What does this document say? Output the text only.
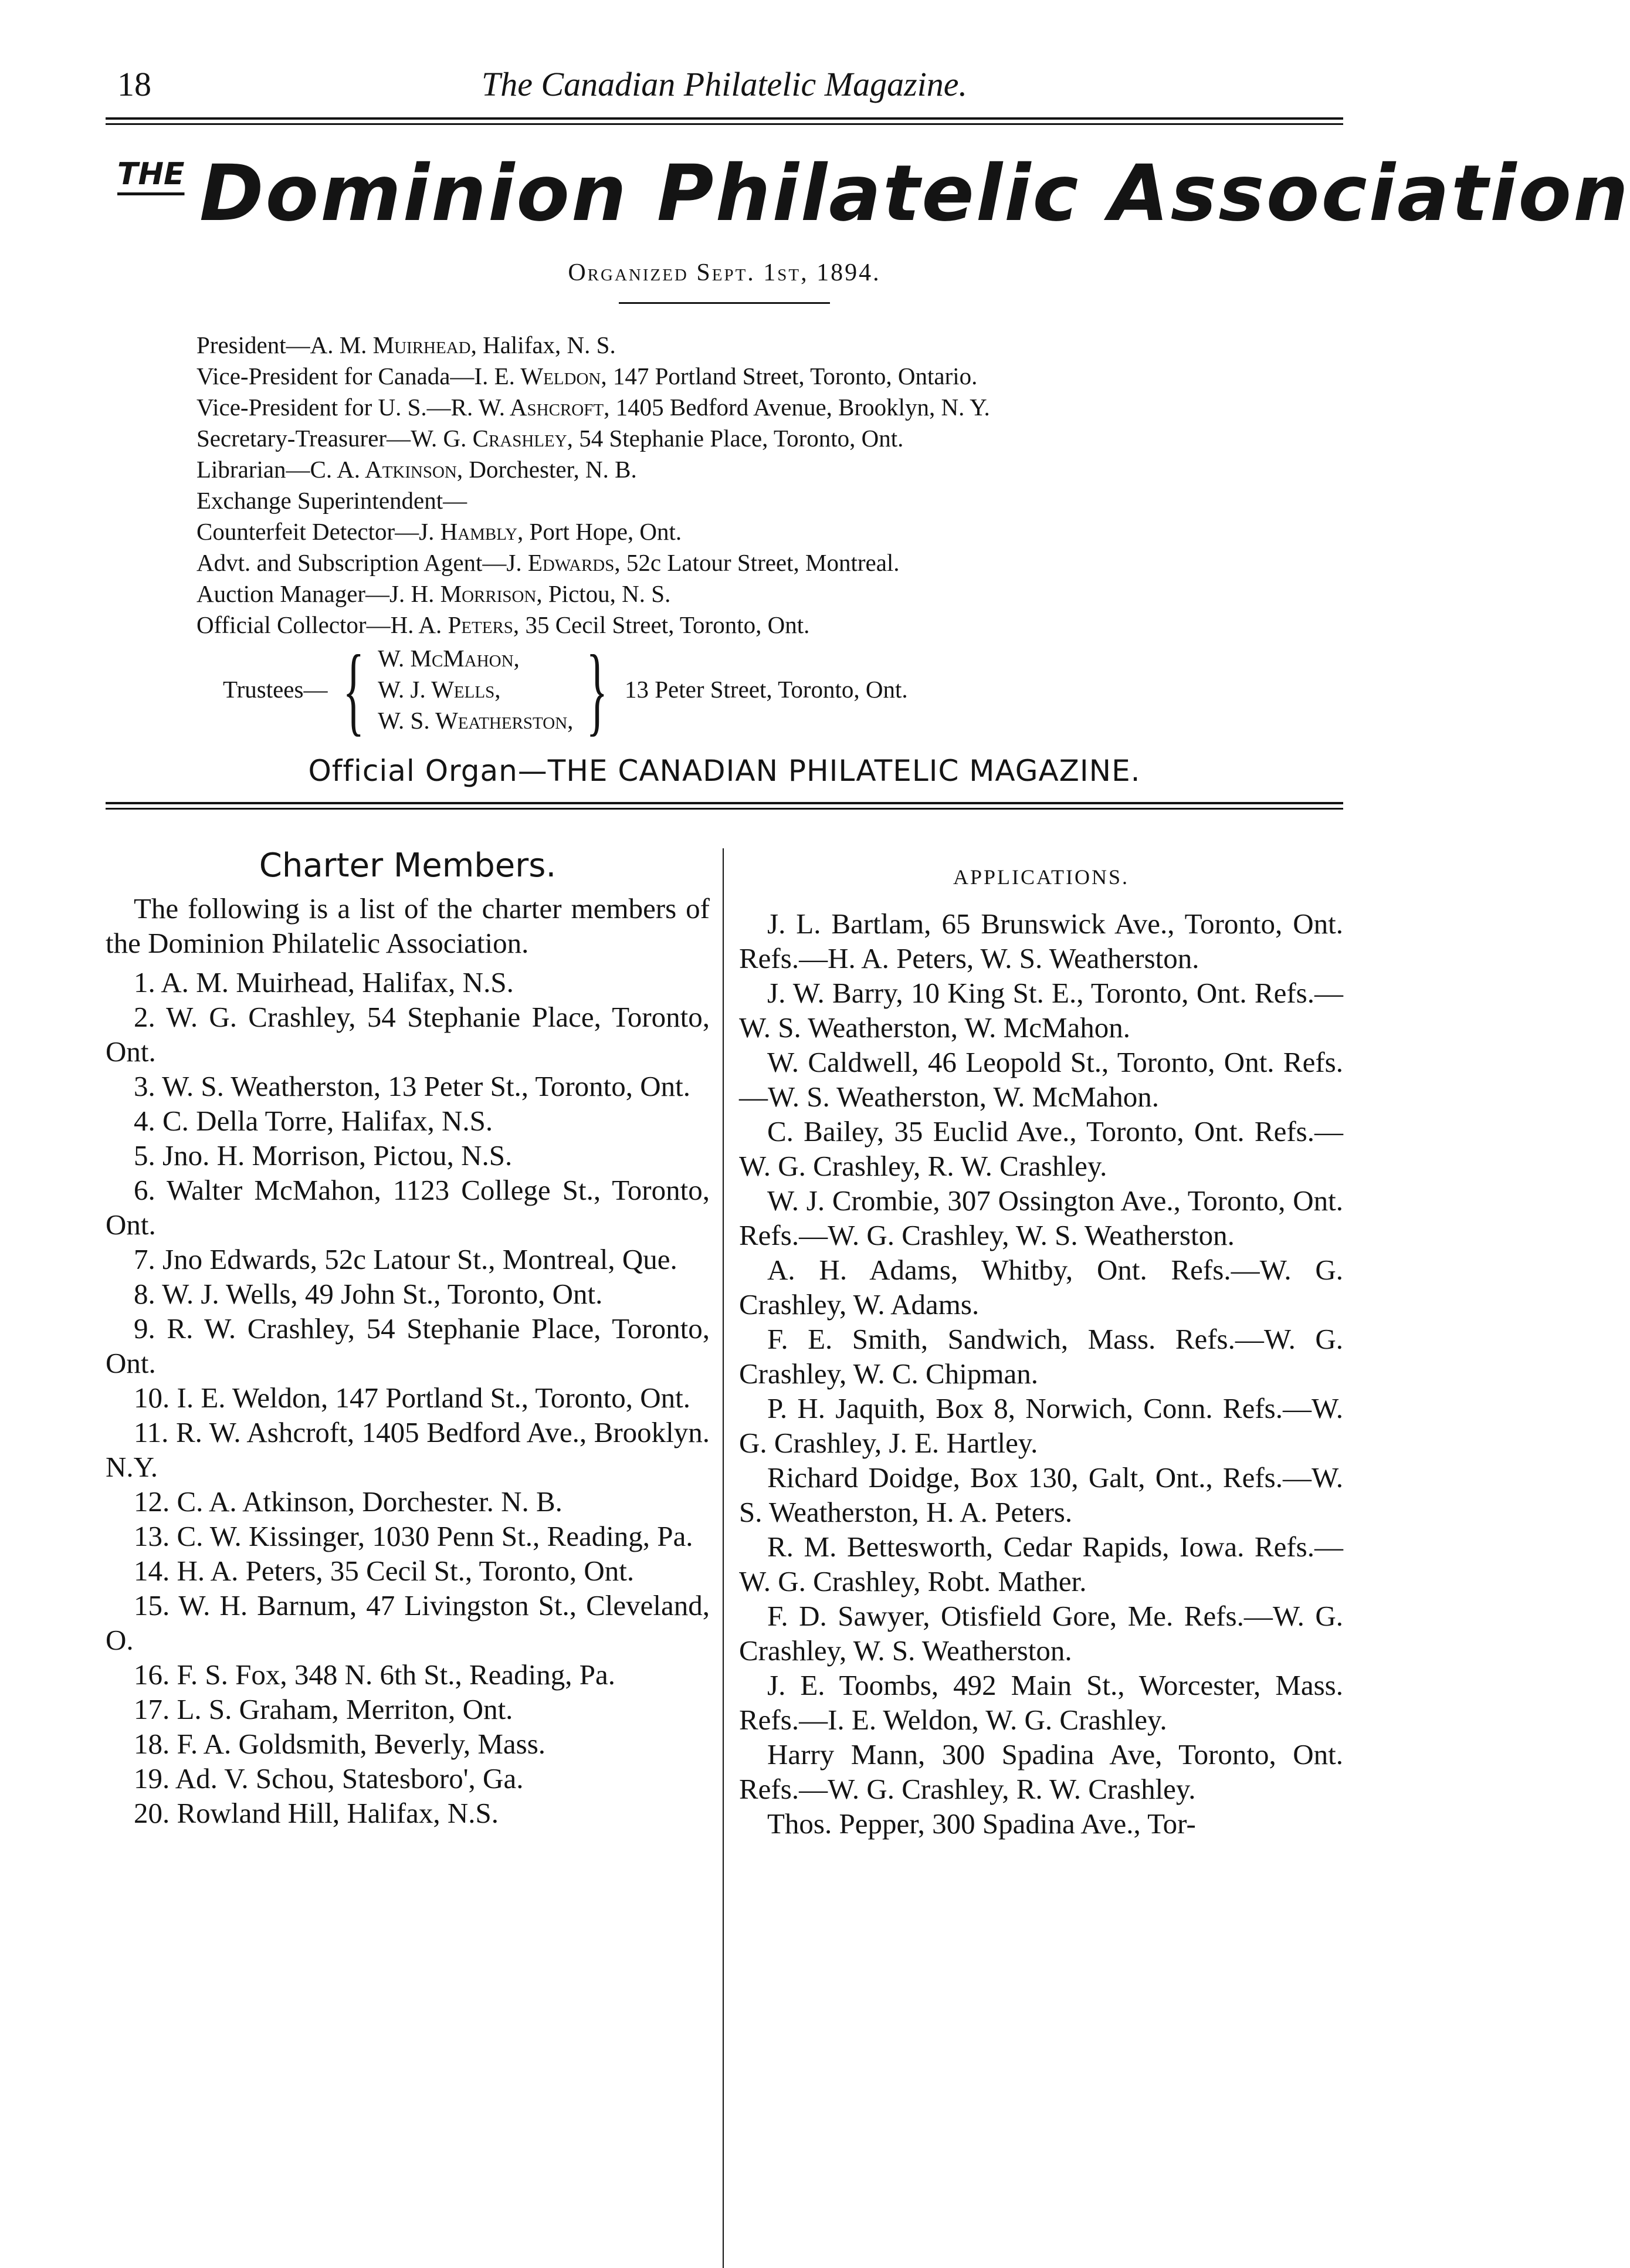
18	The Canadian Philatelic Magazine.
THE Dominion Philatelic Association
Organized Sept. 1st, 1894.
President—A. M. Muirhead, Halifax, N. S.
Vice-President for Canada—I. E. Weldon, 147 Portland Street, Toronto, Ontario.
Vice-President for U. S.—R. W. Ashcroft, 1405 Bedford Avenue, Brooklyn, N. Y.
Secretary-Treasurer—W. G. Crashley, 54 Stephanie Place, Toronto, Ont.
Librarian—C. A. Atkinson, Dorchester, N. B.
Exchange Superintendent—
Counterfeit Detector—J. Hambly, Port Hope, Ont.
Advt. and Subscription Agent—J. Edwards, 52c Latour Street, Montreal.
Auction Manager—J. H. Morrison, Pictou, N. S.
Official Collector—H. A. Peters, 35 Cecil Street, Toronto, Ont.
Trustees— { W. McMahon,
W. J. Wells,
W. S. Weatherston, } 13 Peter Street, Toronto, Ont.
Official Organ—THE CANADIAN PHILATELIC MAGAZINE.
Charter Members.

The following is a list of the charter members of the Dominion Philatelic Association.

1. A. M. Muirhead, Halifax, N.S.

2. W. G. Crashley, 54 Stephanie Place, Toronto, Ont.

3. W. S. Weatherston, 13 Peter St., Toronto, Ont.

4. C. Della Torre, Halifax, N.S.

5. Jno. H. Morrison, Pictou, N.S.

6. Walter McMahon, 1123 College St., Toronto, Ont.

7. Jno Edwards, 52c Latour St., Montreal, Que.

8. W. J. Wells, 49 John St., Toronto, Ont.

9. R. W. Crashley, 54 Stephanie Place, Toronto, Ont.

10. I. E. Weldon, 147 Portland St., Toronto, Ont.

11. R. W. Ashcroft, 1405 Bedford Ave., Brooklyn. N.Y.

12. C. A. Atkinson, Dorchester. N. B.

13. C. W. Kissinger, 1030 Penn St., Reading, Pa.

14. H. A. Peters, 35 Cecil St., Toronto, Ont.

15. W. H. Barnum, 47 Livingston St., Cleveland, O.

16. F. S. Fox, 348 N. 6th St., Reading, Pa.

17. L. S. Graham, Merriton, Ont.

18. F. A. Goldsmith, Beverly, Mass.

19. Ad. V. Schou, Statesboro', Ga.

20. Rowland Hill, Halifax, N.S.

APPLICATIONS.

J. L. Bartlam, 65 Brunswick Ave., Toronto, Ont. Refs.—H. A. Peters, W. S. Weatherston.

J. W. Barry, 10 King St. E., Toronto, Ont. Refs.—W. S. Weatherston, W. McMahon.

W. Caldwell, 46 Leopold St., Toronto, Ont. Refs.—W. S. Weatherston, W. McMahon.

C. Bailey, 35 Euclid Ave., Toronto, Ont. Refs.—W. G. Crashley, R. W. Crashley.

W. J. Crombie, 307 Ossington Ave., Toronto, Ont. Refs.—W. G. Crashley, W. S. Weatherston.

A. H. Adams, Whitby, Ont. Refs.—W. G. Crashley, W. Adams.

F. E. Smith, Sandwich, Mass. Refs.—W. G. Crashley, W. C. Chipman.

P. H. Jaquith, Box 8, Norwich, Conn. Refs.—W. G. Crashley, J. E. Hartley.

Richard Doidge, Box 130, Galt, Ont., Refs.—W. S. Weatherston, H. A. Peters.

R. M. Bettesworth, Cedar Rapids, Iowa. Refs.—W. G. Crashley, Robt. Mather.

F. D. Sawyer, Otisfield Gore, Me. Refs.—W. G. Crashley, W. S. Weatherston.

J. E. Toombs, 492 Main St., Worcester, Mass. Refs.—I. E. Weldon, W. G. Crashley.

Harry Mann, 300 Spadina Ave, Toronto, Ont. Refs.—W. G. Crashley, R. W. Crashley.

Thos. Pepper, 300 Spadina Ave., Tor-
